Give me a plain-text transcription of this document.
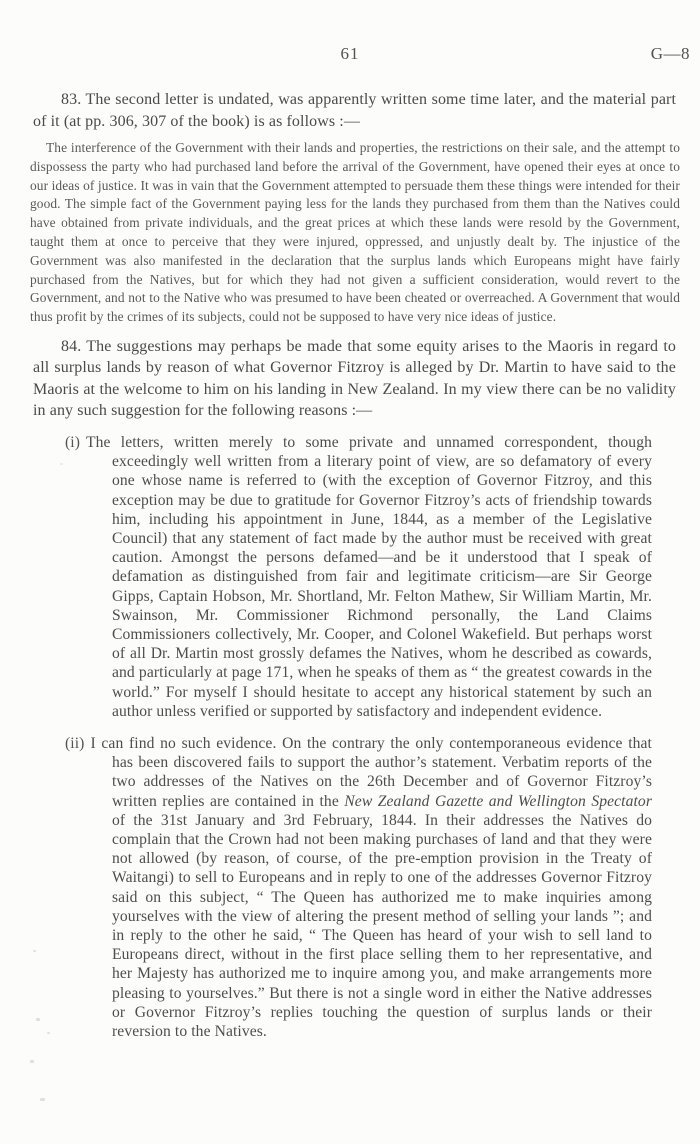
61	G—8

83. The second letter is undated, was apparently written some time later, and the material part of it (at pp. 306, 307 of the book) is as follows :—

The interference of the Government with their lands and properties, the restrictions on their sale, and the attempt to dispossess the party who had purchased land before the arrival of the Government, have opened their eyes at once to our ideas of justice. It was in vain that the Government attempted to persuade them these things were intended for their good. The simple fact of the Government paying less for the lands they purchased from them than the Natives could have obtained from private individuals, and the great prices at which these lands were resold by the Government, taught them at once to perceive that they were injured, oppressed, and unjustly dealt by. The injustice of the Government was also manifested in the declaration that the surplus lands which Europeans might have fairly purchased from the Natives, but for which they had not given a sufficient consideration, would revert to the Government, and not to the Native who was presumed to have been cheated or overreached. A Government that would thus profit by the crimes of its subjects, could not be supposed to have very nice ideas of justice.

84. The suggestions may perhaps be made that some equity arises to the Maoris in regard to all surplus lands by reason of what Governor Fitzroy is alleged by Dr. Martin to have said to the Maoris at the welcome to him on his landing in New Zealand. In my view there can be no validity in any such suggestion for the following reasons :—

(i) The letters, written merely to some private and unnamed correspondent, though exceedingly well written from a literary point of view, are so defamatory of every one whose name is referred to (with the exception of Governor Fitzroy, and this exception may be due to gratitude for Governor Fitzroy’s acts of friendship towards him, including his appointment in June, 1844, as a member of the Legislative Council) that any statement of fact made by the author must be received with great caution. Amongst the persons defamed—and be it understood that I speak of defamation as distinguished from fair and legitimate criticism—are Sir George Gipps, Captain Hobson, Mr. Shortland, Mr. Felton Mathew, Sir William Martin, Mr. Swainson, Mr. Commissioner Richmond personally, the Land Claims Commissioners collectively, Mr. Cooper, and Colonel Wakefield. But perhaps worst of all Dr. Martin most grossly defames the Natives, whom he described as cowards, and particularly at page 171, when he speaks of them as “ the greatest cowards in the world.” For myself I should hesitate to accept any historical statement by such an author unless verified or supported by satisfactory and independent evidence.
(ii) I can find no such evidence. On the contrary the only contemporaneous evidence that has been discovered fails to support the author’s statement. Verbatim reports of the two addresses of the Natives on the 26th December and of Governor Fitzroy’s written replies are contained in the New Zealand Gazette and Wellington Spectator of the 31st January and 3rd February, 1844. In their addresses the Natives do complain that the Crown had not been making purchases of land and that they were not allowed (by reason, of course, of the pre-emption provision in the Treaty of Waitangi) to sell to Europeans and in reply to one of the addresses Governor Fitzroy said on this subject, “ The Queen has authorized me to make inquiries among yourselves with the view of altering the present method of selling your lands ”; and in reply to the other he said, “ The Queen has heard of your wish to sell land to Europeans direct, without in the first place selling them to her representative, and her Majesty has authorized me to inquire among you, and make arrangements more pleasing to yourselves.” But there is not a single word in either the Native addresses or Governor Fitzroy’s replies touching the question of surplus lands or their reversion to the Natives.
